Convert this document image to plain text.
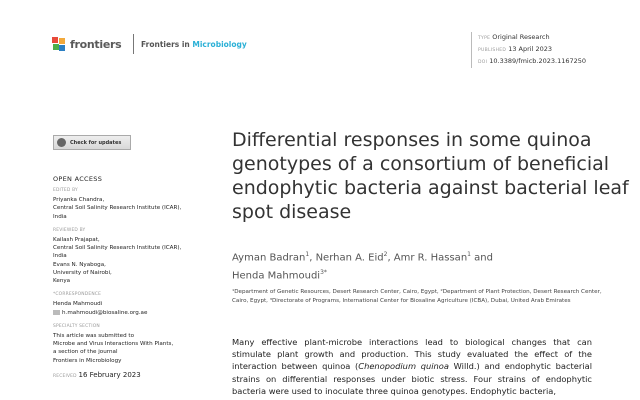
frontiers	Frontiers in Microbiology
TYPE Original Research
PUBLISHED 13 April 2023
DOI 10.3389/fmicb.2023.1167250
Check for updates
OPEN ACCESS
EDITED BY
Priyanka Chandra,
Central Soil Salinity Research Institute (ICAR),
India
REVIEWED BY
Kailash Prajapat,
Central Soil Salinity Research Institute (ICAR),
India
Evans N. Nyaboga,
University of Nairobi,
Kenya
*CORRESPONDENCE
Henda Mahmoudi
h.mahmoudi@biosaline.org.ae
SPECIALTY SECTION
This article was submitted to
Microbe and Virus Interactions With Plants,
a section of the journal
Frontiers in Microbiology
RECEIVED 16 February 2023
Differential responses in some quinoa genotypes of a consortium of beneficial endophytic bacteria against bacterial leaf spot disease
Ayman Badran$^1$, Nerhan A. Eid$^2$, Amr R. Hassan$^1$ and
Henda Mahmoudi$^{3*}$
¹Department of Genetic Resources, Desert Research Center, Cairo, Egypt, ²Department of Plant Protection, Desert Research Center, Cairo, Egypt, ³Directorate of Programs, International Center for Biosaline Agriculture (ICBA), Dubai, United Arab Emirates
Many effective plant-microbe interactions lead to biological changes that can stimulate plant growth and production. This study evaluated the effect of the interaction between quinoa (Chenopodium quinoa Willd.) and endophytic bacterial strains on differential responses under biotic stress. Four strains of endophytic bacteria were used to inoculate three quinoa genotypes. Endophytic bacteria,
